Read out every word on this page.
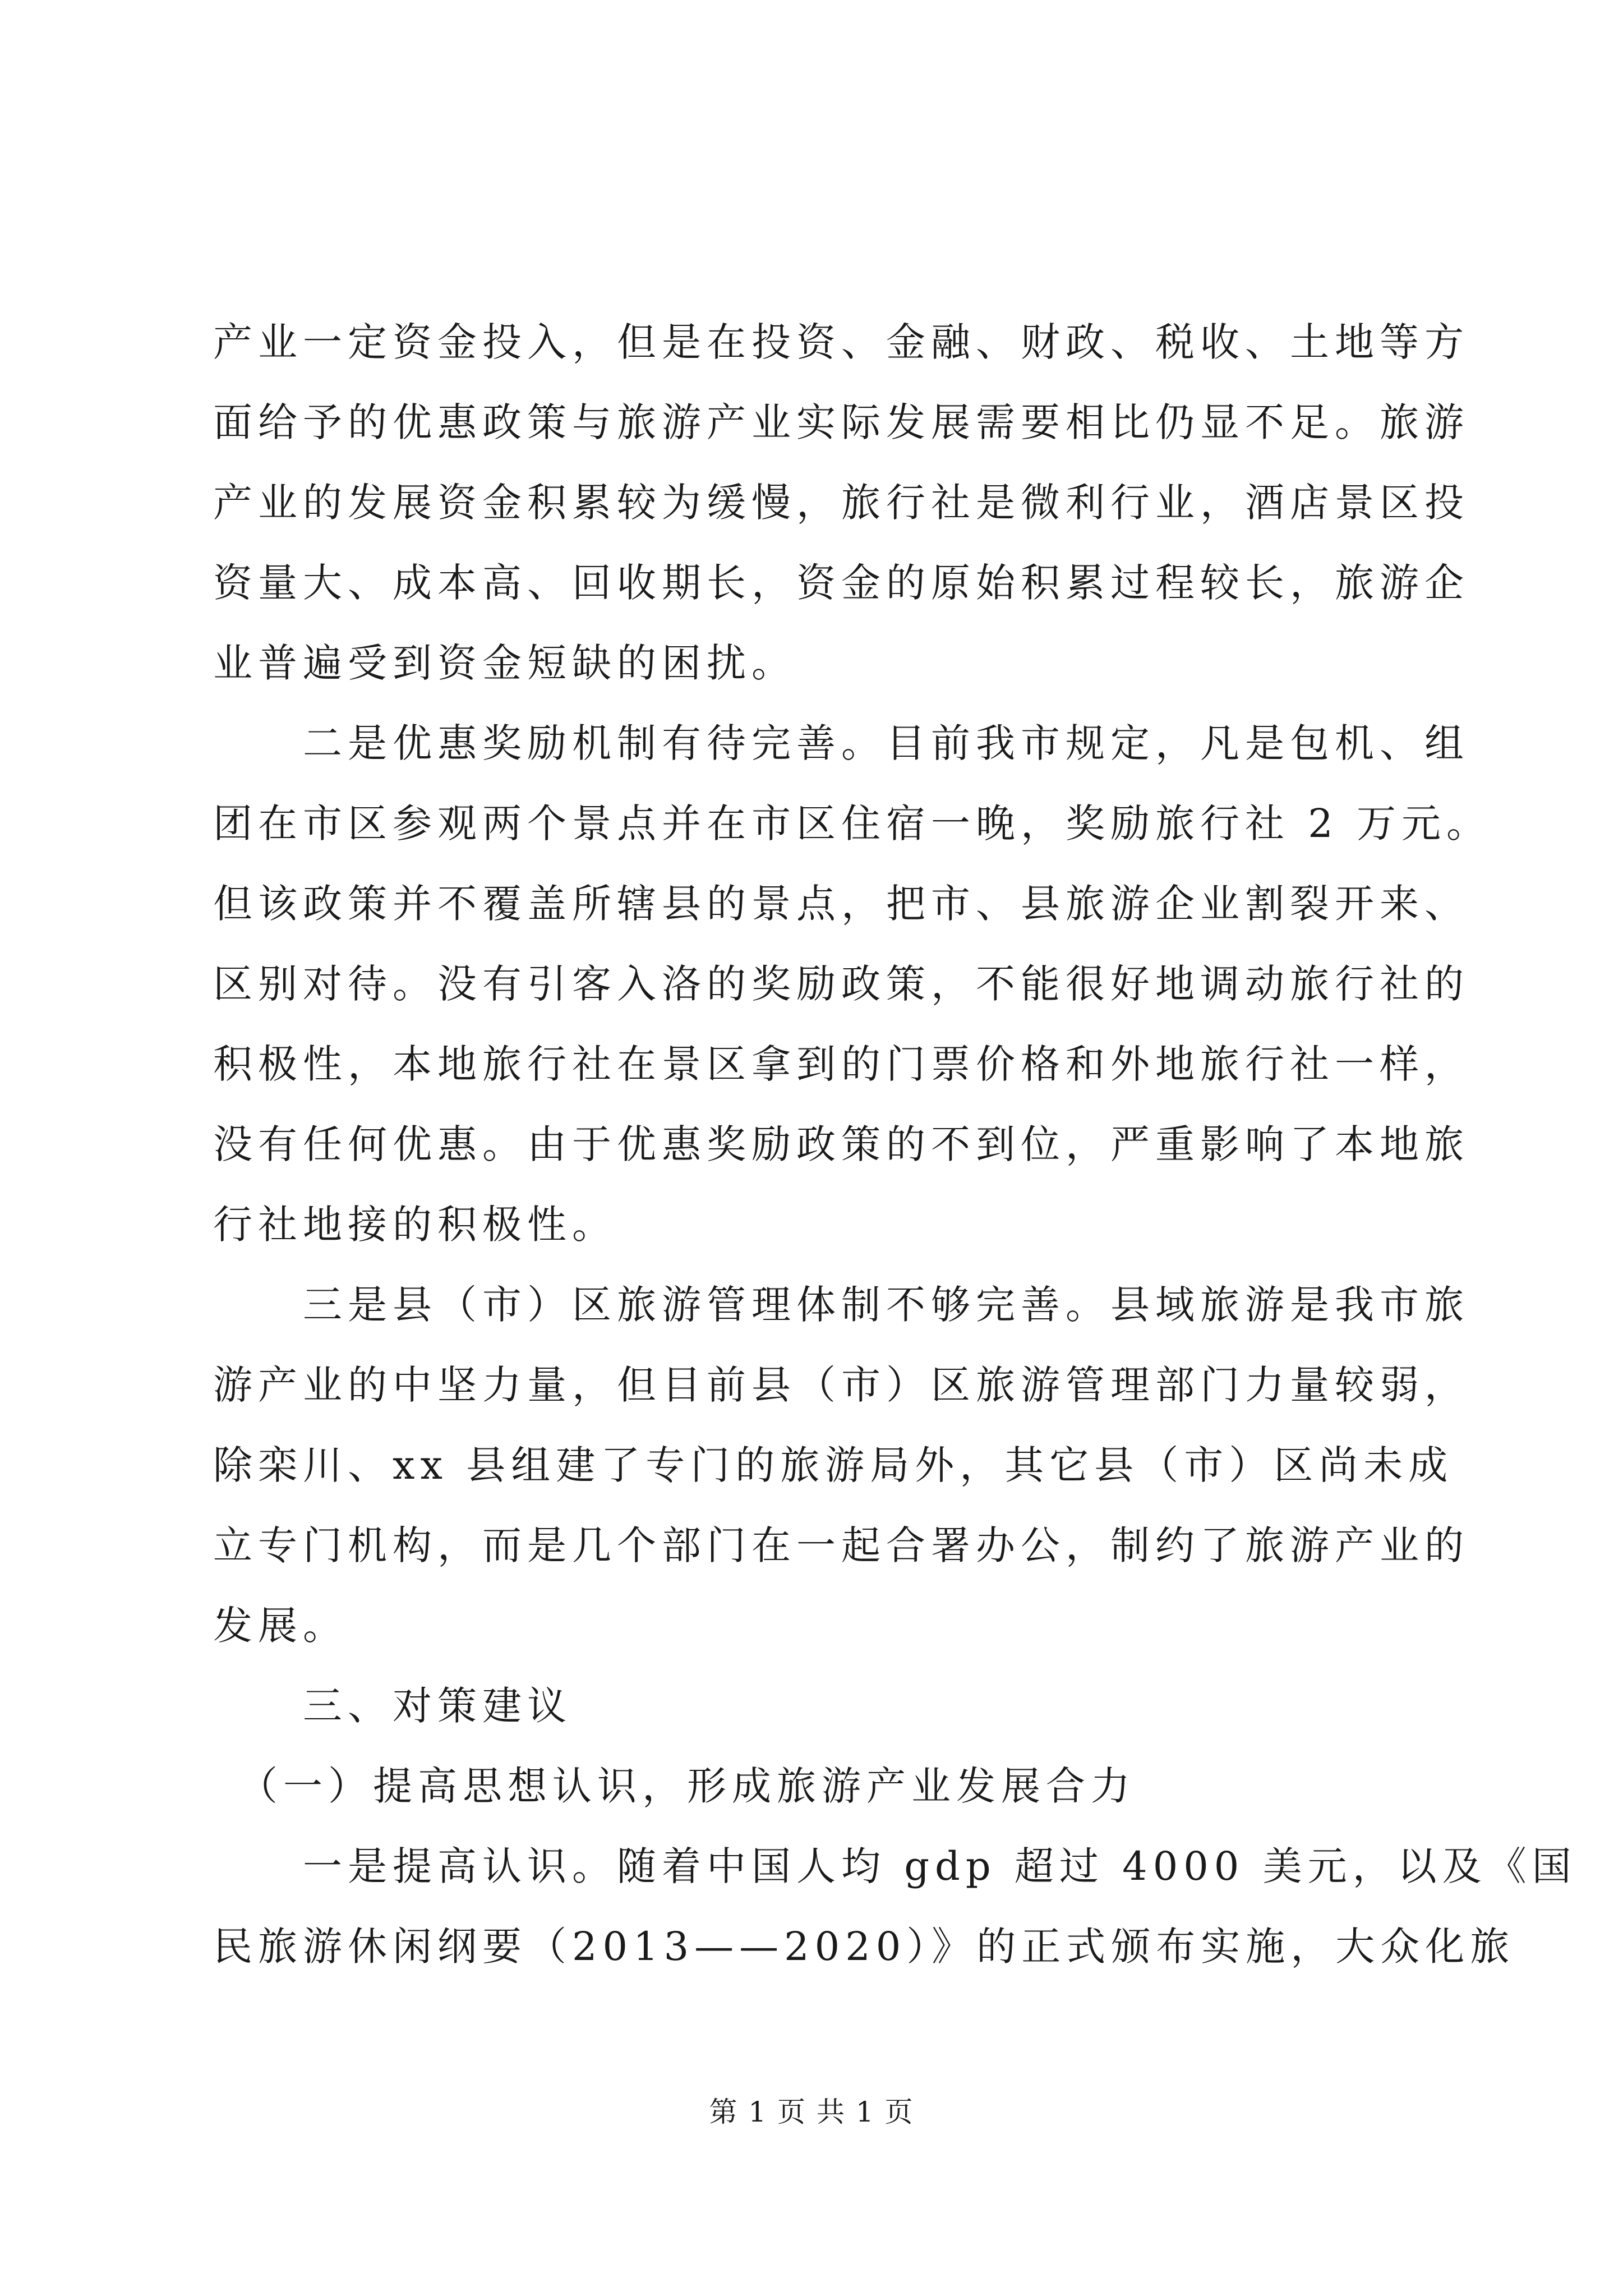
产业一定资金投入，但是在投资、金融、财政、税收、土地等方
面给予的优惠政策与旅游产业实际发展需要相比仍显不足。旅游
产业的发展资金积累较为缓慢，旅行社是微利行业，酒店景区投
资量大、成本高、回收期长，资金的原始积累过程较长，旅游企
业普遍受到资金短缺的困扰。
　　二是优惠奖励机制有待完善。目前我市规定，凡是包机、组
团在市区参观两个景点并在市区住宿一晚，奖励旅行社 2 万元。
但该政策并不覆盖所辖县的景点，把市、县旅游企业割裂开来、
区别对待。没有引客入洛的奖励政策，不能很好地调动旅行社的
积极性，本地旅行社在景区拿到的门票价格和外地旅行社一样，
没有任何优惠。由于优惠奖励政策的不到位，严重影响了本地旅
行社地接的积极性。
　　三是县（市）区旅游管理体制不够完善。县域旅游是我市旅
游产业的中坚力量，但目前县（市）区旅游管理部门力量较弱，
除栾川、xx 县组建了专门的旅游局外，其它县（市）区尚未成
立专门机构，而是几个部门在一起合署办公，制约了旅游产业的
发展。
　　三、对策建议
　（一）提高思想认识，形成旅游产业发展合力
　　一是提高认识。随着中国人均 gdp 超过 4000 美元，以及《国
民旅游休闲纲要（2013——2020）》的正式颁布实施，大众化旅
第 1 页 共 1 页
